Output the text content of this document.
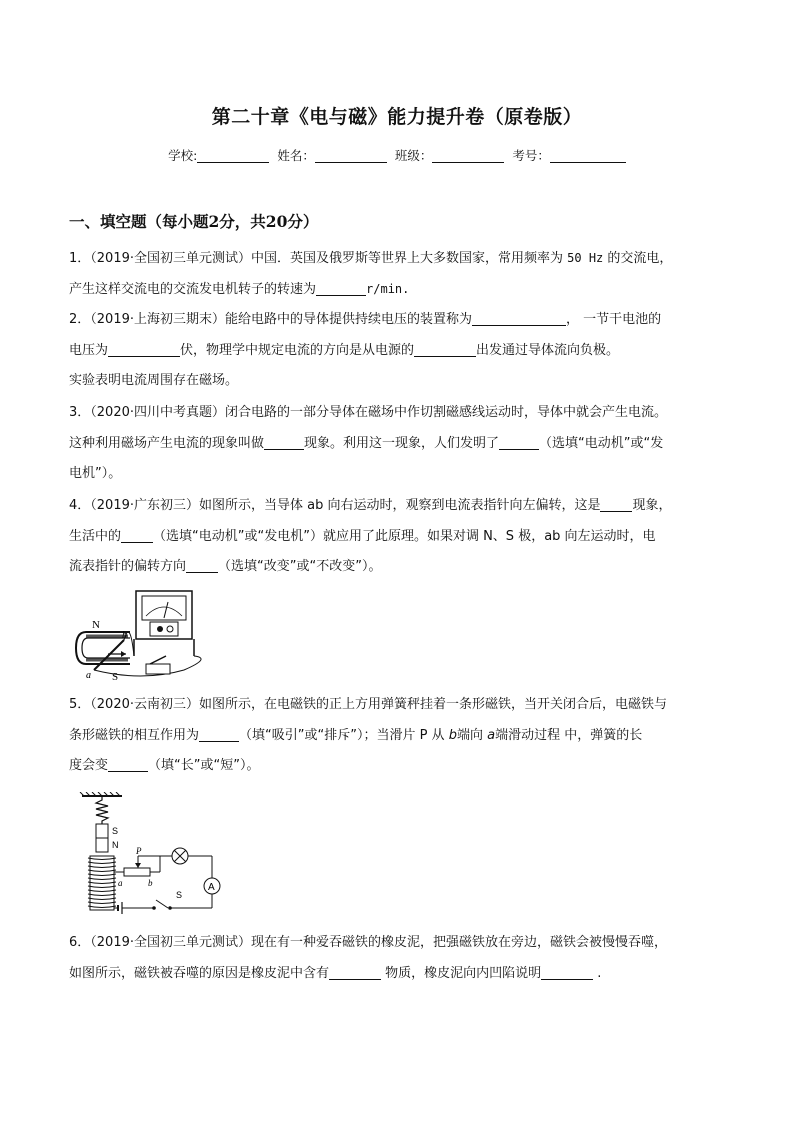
第二十章《电与磁》能力提升卷（原卷版）
学校:	姓名：	班级：	考号：
一、填空题（每小题2分，共20分）
1．（2019·全国初三单元测试）中国．英国及俄罗斯等世界上大多数国家，常用频率为 50 Hz 的交流电，
产生这样交流电的交流发电机转子的转速为	r/min.
2．（2019·上海初三期末）能给电路中的导体提供持续电压的装置称为	， 一节干电池的
电压为	伏，物理学中规定电流的方向是从电源的	出发通过导体流向负极。
实验表明电流周围存在磁场。
3．（2020·四川中考真题）闭合电路的一部分导体在磁场中作切割磁感线运动时，导体中就会产生电流。
这种利用磁场产生电流的现象叫做	现象。利用这一现象，人们发明了	（选填“电动机”或“发
电机”）。
4．（2019·广东初三）如图所示，当导体 ab 向右运动时，观察到电流表指针向左偏转，这是 现象，
生活中的 （选填“电动机”或“发电机”）就应用了此原理。如果对调 N、S 极，ab 向左运动时，电
流表指针的偏转方向 （选填“改变”或“不改变”）。
N
S
a
b
5．（2020·云南初三）如图所示，在电磁铁的正上方用弹簧秤挂着一条形磁铁，当开关闭合后，电磁铁与
条形磁铁的相互作用为	（填“吸引”或“排斥”）；当滑片 P 从 b端向 a端滑动过程 中，弹簧的长
度会变	（填“长”或“短”）。
S
N
P
a	b	A
S
6．（2019·全国初三单元测试）现在有一种爱吞磁铁的橡皮泥，把强磁铁放在旁边，磁铁会被慢慢吞噬，
如图所示，磁铁被吞噬的原因是橡皮泥中含有	物质，橡皮泥向内凹陷说明	.
